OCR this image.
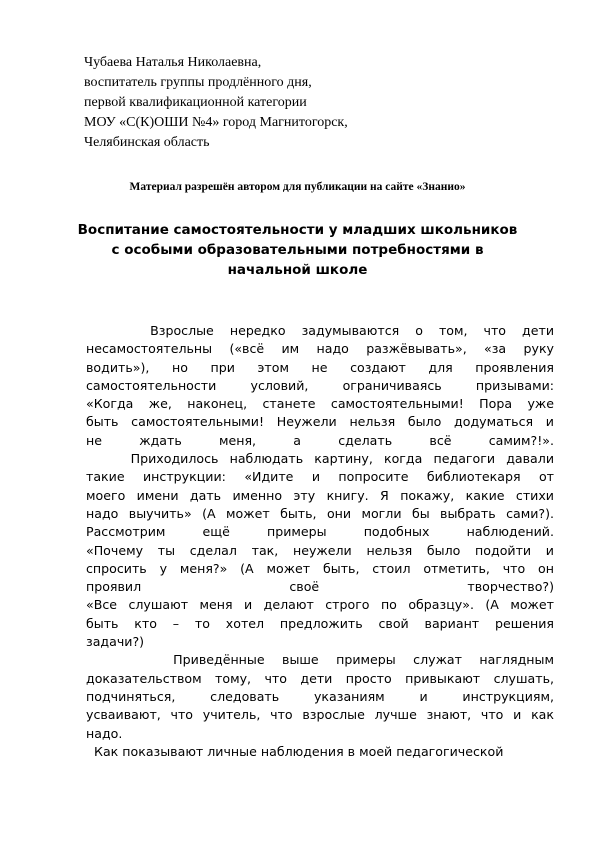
Чубаева Наталья Николаевна,
воспитатель группы продлённого дня,
первой квалификационной категории
МОУ «С(К)ОШИ №4» город Магнитогорск,
Челябинская область
Материал разрешён автором для публикации на сайте «Знанио»
Воспитание самостоятельности у младших школьников
с особыми образовательными потребностями в
начальной школе
Взрослые нередко задумываются о том, что дети
несамостоятельны («всё им надо разжёвывать», «за руку
водить»), но при этом не создают для проявления
самостоятельности условий, ограничиваясь призывами:
«Когда же, наконец, станете самостоятельными! Пора уже
быть самостоятельными! Неужели нельзя было додуматься и
не ждать меня, а сделать всё самим?!».
Приходилось наблюдать картину, когда педагоги давали
такие инструкции: «Идите и попросите библиотекаря от
моего имени дать именно эту книгу. Я покажу, какие стихи
надо выучить» (А может быть, они могли бы выбрать сами?).
Рассмотрим ещё примеры подобных наблюдений.
«Почему ты сделал так, неужели нельзя было подойти и
спросить у меня?» (А может быть, стоил отметить, что он
проявил своё творчество?)
«Все слушают меня и делают строго по образцу». (А может
быть кто – то хотел предложить свой вариант решения
задачи?)
Приведённые выше примеры служат наглядным
доказательством тому, что дети просто привыкают слушать,
подчиняться, следовать указаниям и инструкциям,
усваивают, что учитель, что взрослые лучше знают, что и как
надо.
Как показывают личные наблюдения в моей педагогической
